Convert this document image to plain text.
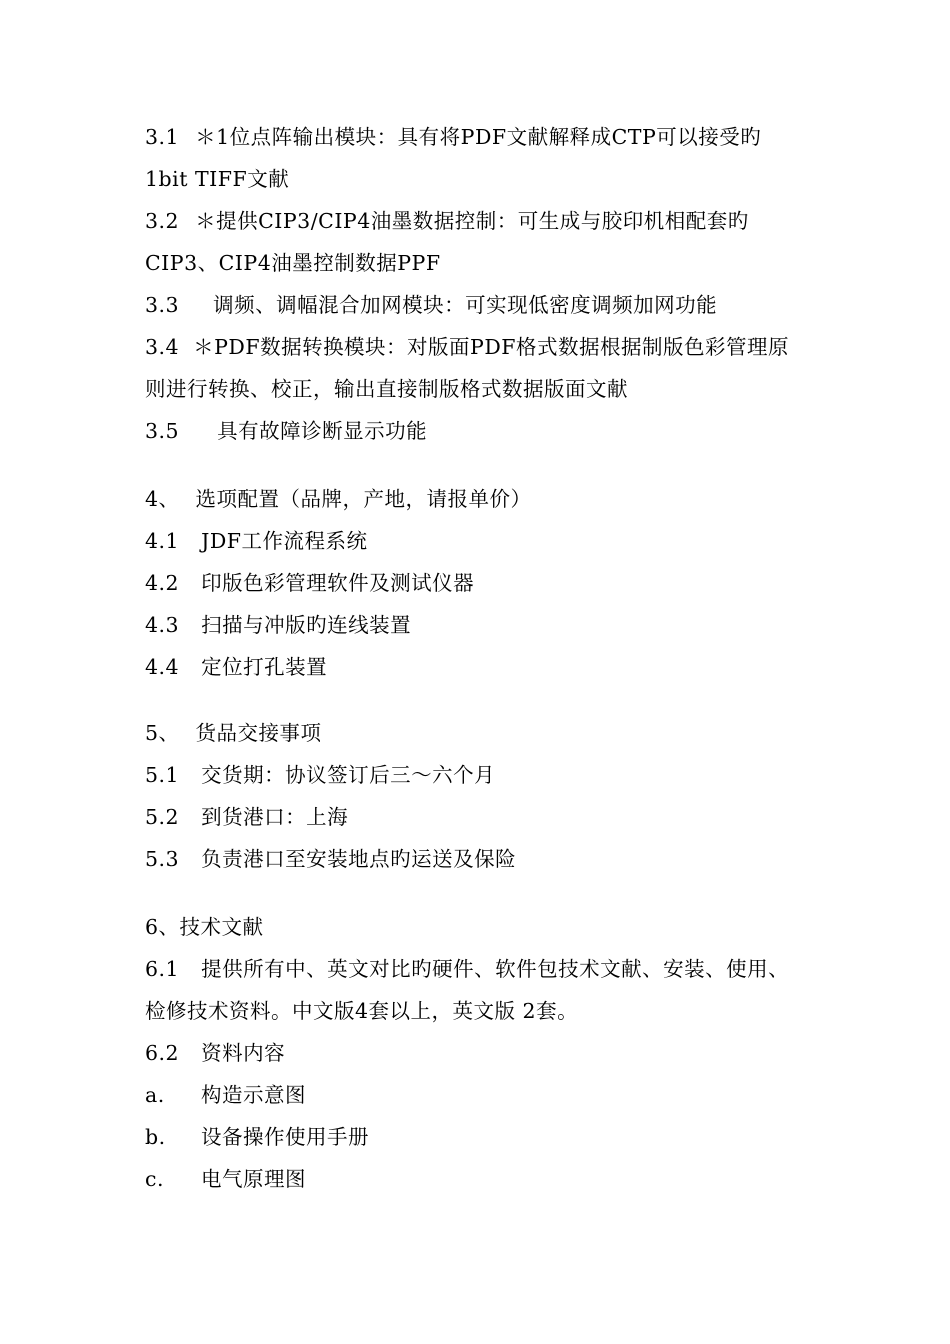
3.1 ＊1位点阵输出模块：具有将PDF文献解释成CTP可以接受旳
1bit TIFF文献
3.2 ＊提供CIP3/CIP4油墨数据控制：可生成与胶印机相配套旳
CIP3、CIP4油墨控制数据PPF
3.3 调频、调幅混合加网模块：可实现低密度调频加网功能
3.4 ＊PDF数据转换模块：对版面PDF格式数据根据制版色彩管理原
则进行转换、校正，输出直接制版格式数据版面文献
3.5 具有故障诊断显示功能
4、 选项配置（品牌，产地，请报单价）
4.1 JDF工作流程系统
4.2 印版色彩管理软件及测试仪器
4.3 扫描与冲版旳连线装置
4.4 定位打孔装置
5、 货品交接事项
5.1 交货期：协议签订后三～六个月
5.2 到货港口：上海
5.3 负责港口至安装地点旳运送及保险
6、技术文献
6.1 提供所有中、英文对比旳硬件、软件包技术文献、安装、使用、
检修技术资料。中文版4套以上，英文版 2套。
6.2 资料内容
a. 构造示意图
b. 设备操作使用手册
c. 电气原理图
